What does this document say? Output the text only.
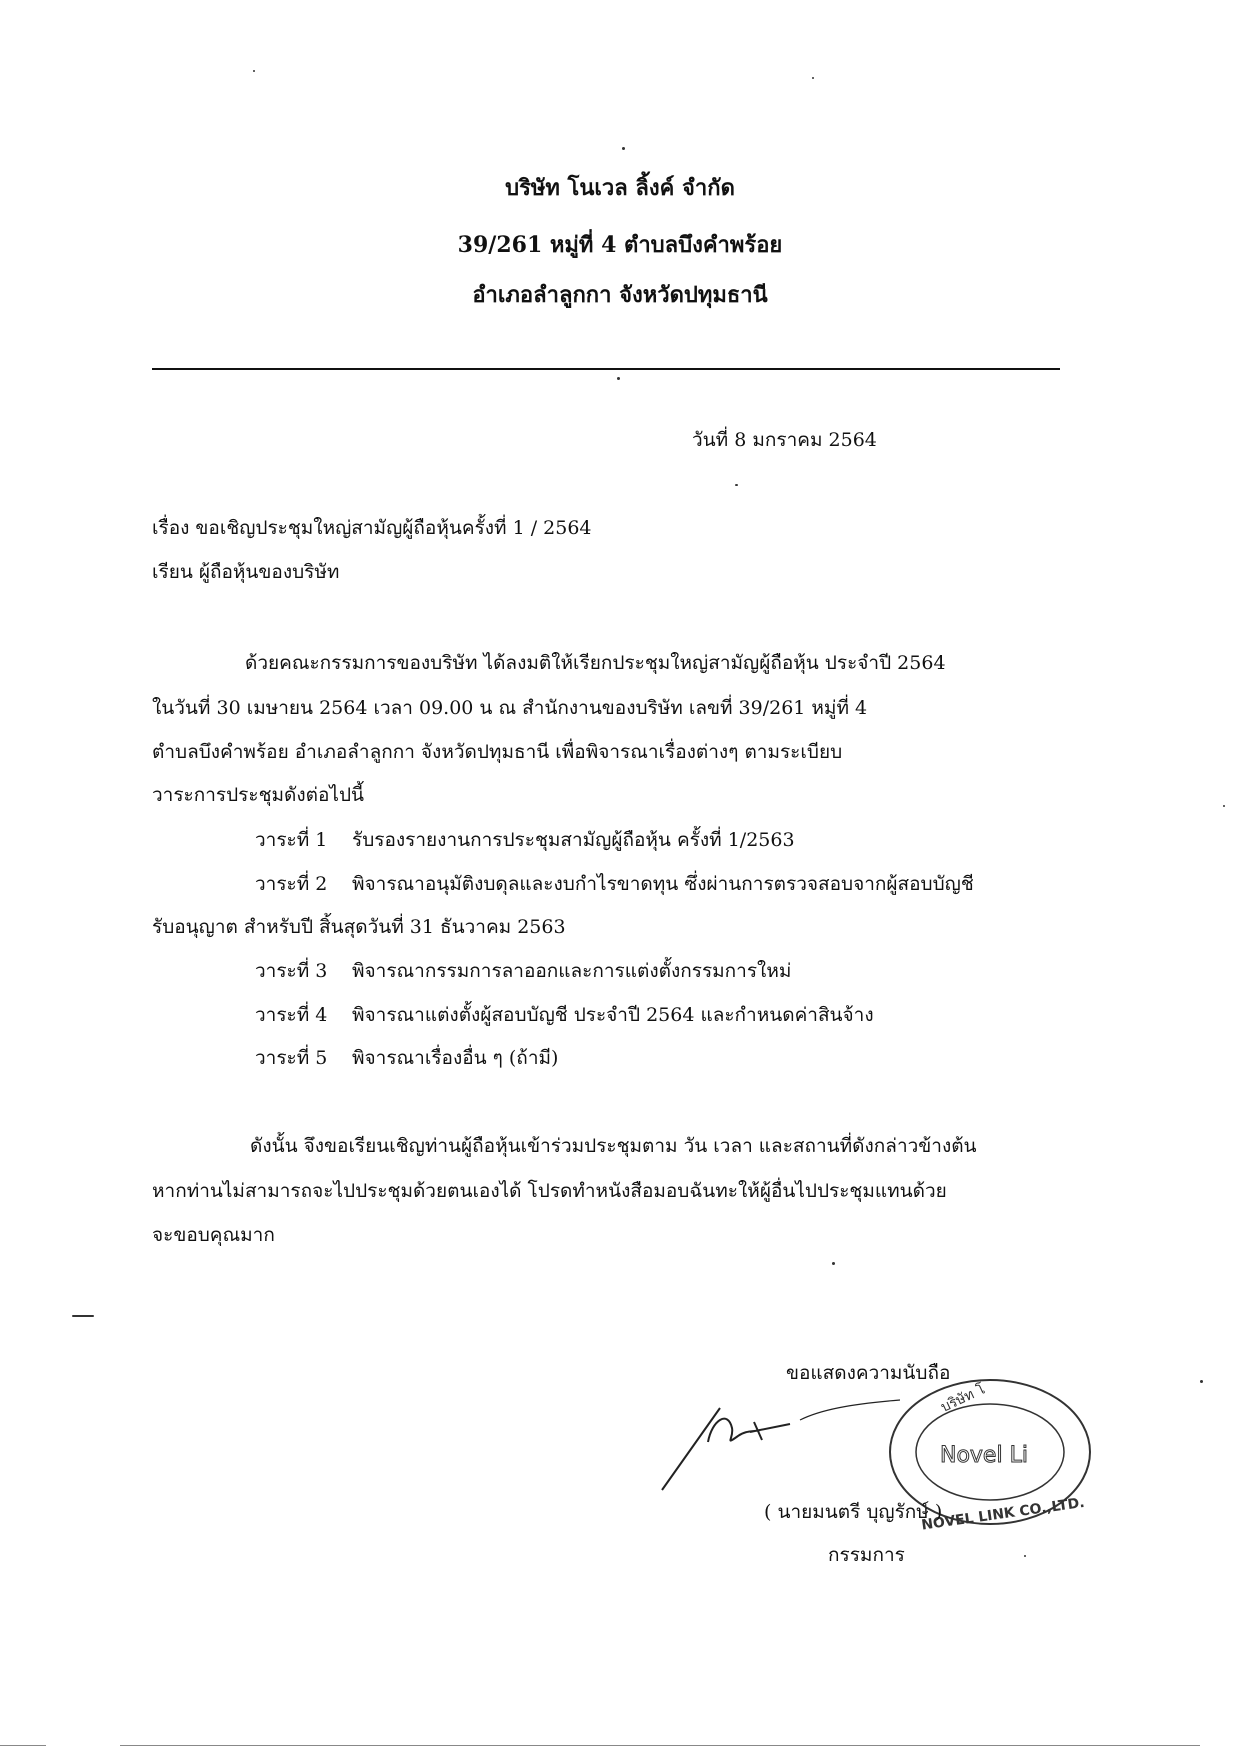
บริษัท โนเวล ลิ้งค์ จำกัด
39/261 หมู่ที่ 4 ตำบลบึงคำพร้อย
อำเภอลำลูกกา จังหวัดปทุมธานี
วันที่ 8 มกราคม 2564
เรื่อง ขอเชิญประชุมใหญ่สามัญผู้ถือหุ้นครั้งที่ 1 / 2564
เรียน ผู้ถือหุ้นของบริษัท
ด้วยคณะกรรมการของบริษัท ได้ลงมติให้เรียกประชุมใหญ่สามัญผู้ถือหุ้น ประจำปี 2564
ในวันที่ 30 เมษายน 2564 เวลา 09.00 น ณ สำนักงานของบริษัท เลขที่ 39/261 หมู่ที่ 4
ตำบลบึงคำพร้อย อำเภอลำลูกกา จังหวัดปทุมธานี เพื่อพิจารณาเรื่องต่างๆ ตามระเบียบ
วาระการประชุมดังต่อไปนี้
วาระที่ 1 รับรองรายงานการประชุมสามัญผู้ถือหุ้น ครั้งที่ 1/2563
วาระที่ 2 พิจารณาอนุมัติงบดุลและงบกำไรขาดทุน ซึ่งผ่านการตรวจสอบจากผู้สอบบัญชี
รับอนุญาต สำหรับปี สิ้นสุดวันที่ 31 ธันวาคม 2563
วาระที่ 3 พิจารณากรรมการลาออกและการแต่งตั้งกรรมการใหม่
วาระที่ 4 พิจารณาแต่งตั้งผู้สอบบัญชี ประจำปี 2564 และกำหนดค่าสินจ้าง
วาระที่ 5 พิจารณาเรื่องอื่น ๆ (ถ้ามี)
ดังนั้น จึงขอเรียนเชิญท่านผู้ถือหุ้นเข้าร่วมประชุมตาม วัน เวลา และสถานที่ดังกล่าวข้างต้น
หากท่านไม่สามารถจะไปประชุมด้วยตนเองได้ โปรดทำหนังสือมอบฉันทะให้ผู้อื่นไปประชุมแทนด้วย
จะขอบคุณมาก
ขอแสดงความนับถือ
Novel Li
NOVEL LINK CO.,LTD.
บริษัท โ
( นายมนตรี บุญรักษ์ )
กรรมการ
